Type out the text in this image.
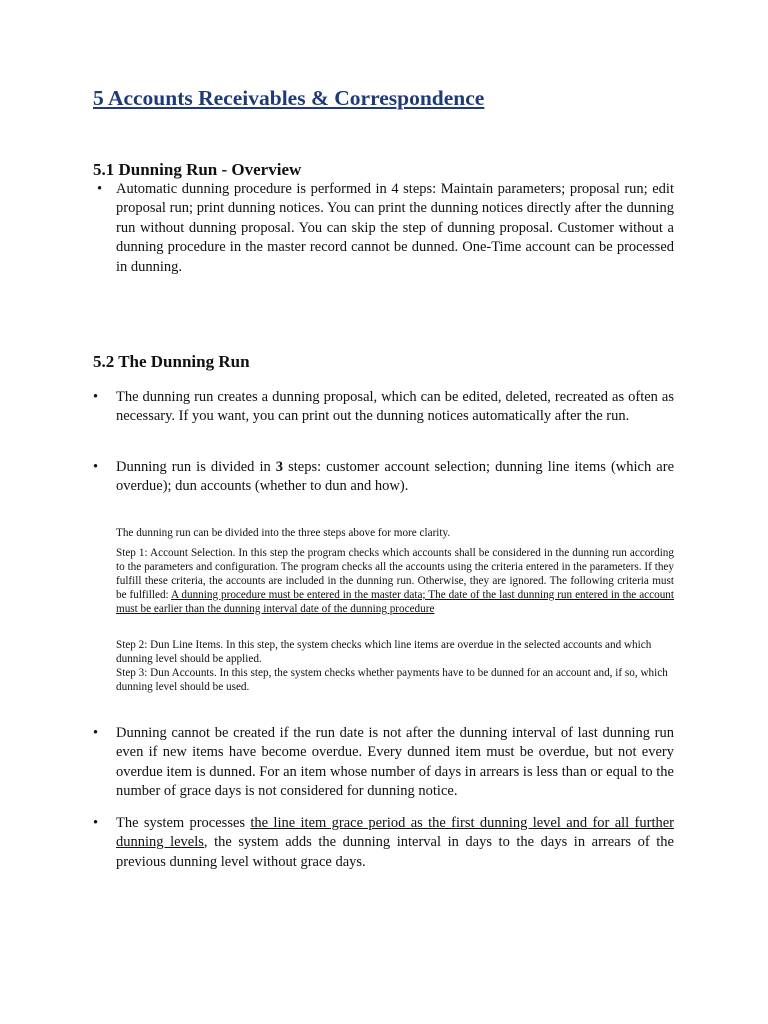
5 Accounts Receivables & Correspondence
5.1 Dunning Run - Overview
• Automatic dunning procedure is performed in 4 steps: Maintain parameters; proposal run; edit proposal run; print dunning notices. You can print the dunning notices directly after the dunning run without dunning proposal. You can skip the step of dunning proposal. Customer without a dunning procedure in the master record cannot be dunned. One-Time account can be processed in dunning.
5.2 The Dunning Run
•	The dunning run creates a dunning proposal, which can be edited, deleted, recreated as often as necessary. If you want, you can print out the dunning notices automatically after the run.
•	Dunning run is divided in 3 steps: customer account selection; dunning line items (which are overdue); dun accounts (whether to dun and how).

The dunning run can be divided into the three steps above for more clarity.

Step 1: Account Selection. In this step the program checks which accounts shall be considered in the dunning run according to the parameters and configuration. The program checks all the accounts using the criteria entered in the parameters. If they fulfill these criteria, the accounts are included in the dunning run. Otherwise, they are ignored. The following criteria must be fulfilled: A dunning procedure must be entered in the master data; The date of the last dunning run entered in the account must be earlier than the dunning interval date of the dunning procedure

Step 2: Dun Line Items. In this step, the system checks which line items are overdue in the selected accounts and which dunning level should be applied.

Step 3: Dun Accounts. In this step, the system checks whether payments have to be dunned for an account and, if so, which dunning level should be used.

•	Dunning cannot be created if the run date is not after the dunning interval of last dunning run even if new items have become overdue. Every dunned item must be overdue, but not every overdue item is dunned. For an item whose number of days in arrears is less than or equal to the number of grace days is not considered for dunning notice.
•	The system processes the line item grace period as the first dunning level and for all further dunning levels, the system adds the dunning interval in days to the days in arrears of the previous dunning level without grace days.
